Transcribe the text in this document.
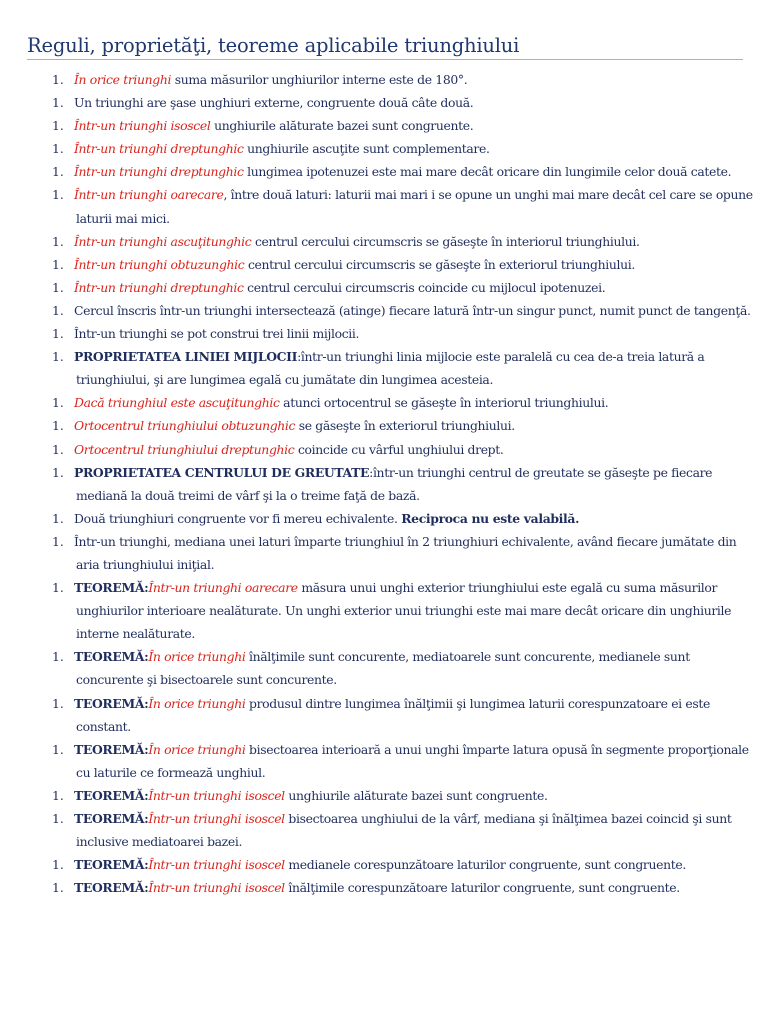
Reguli, proprietăţi, teoreme aplicabile triunghiului
1. În orice triunghi suma măsurilor unghiurilor interne este de 180°.
1. Un triunghi are şase unghiuri externe, congruente două câte două.
1. Într-un triunghi isoscel unghiurile alăturate bazei sunt congruente.
1. Într-un triunghi dreptunghic unghiurile ascuţite sunt complementare.
1. Într-un triunghi dreptunghic lungimea ipotenuzei este mai mare decât oricare din lungimile celor două catete.
1. Într-un triunghi oarecare, între două laturi: laturii mai mari i se opune un unghi mai mare decât cel care se opune laturii mai mici.
1. Într-un triunghi ascuţitunghic centrul cercului circumscris se găseşte în interiorul triunghiului.
1. Într-un triunghi obtuzunghic centrul cercului circumscris se găseşte în exteriorul triunghiului.
1. Într-un triunghi dreptunghic centrul cercului circumscris coincide cu mijlocul ipotenuzei.
1. Cercul înscris într-un triunghi intersectează (atinge) fiecare latură într-un singur punct, numit punct de tangenţă.
1. Într-un triunghi se pot construi trei linii mijlocii.
1. PROPRIETATEA LINIEI MIJLOCII:într-un triunghi linia mijlocie este paralelă cu cea de-a treia latură a triunghiului, şi are lungimea egală cu jumătate din lungimea acesteia.
1. Dacă triunghiul este ascuţitunghic atunci ortocentrul se găseşte în interiorul triunghiului.
1. Ortocentrul triunghiului obtuzunghic se găseşte în exteriorul triunghiului.
1. Ortocentrul triunghiului dreptunghic coincide cu vârful unghiului drept.
1. PROPRIETATEA CENTRULUI DE GREUTATE:într-un triunghi centrul de greutate se găseşte pe fiecare mediană la două treimi de vârf şi la o treime faţă de bază.
1. Două triunghiuri congruente vor fi mereu echivalente. Reciproca nu este valabilă.
1. Într-un triunghi, mediana unei laturi împarte triunghiul în 2 triunghiuri echivalente, având fiecare jumătate din aria triunghiului iniţial.
1. TEOREMĂ:Într-un triunghi oarecare măsura unui unghi exterior triunghiului este egală cu suma măsurilor unghiurilor interioare nealăturate. Un unghi exterior unui triunghi este mai mare decât oricare din unghiurile interne nealăturate.
1. TEOREMĂ:În orice triunghi înălţimile sunt concurente, mediatoarele sunt concurente, medianele sunt concurente şi bisectoarele sunt concurente.
1. TEOREMĂ:În orice triunghi produsul dintre lungimea înălţimii şi lungimea laturii corespunzatoare ei este constant.
1. TEOREMĂ:În orice triunghi bisectoarea interioară a unui unghi împarte latura opusă în segmente proporţionale cu laturile ce formează unghiul.
1. TEOREMĂ:Într-un triunghi isoscel unghiurile alăturate bazei sunt congruente.
1. TEOREMĂ:Într-un triunghi isoscel bisectoarea unghiului de la vârf, mediana şi înălţimea bazei coincid şi sunt inclusive mediatoarei bazei.
1. TEOREMĂ:Într-un triunghi isoscel medianele corespunzătoare laturilor congruente, sunt congruente.
1. TEOREMĂ:Într-un triunghi isoscel înălţimile corespunzătoare laturilor congruente, sunt congruente.
